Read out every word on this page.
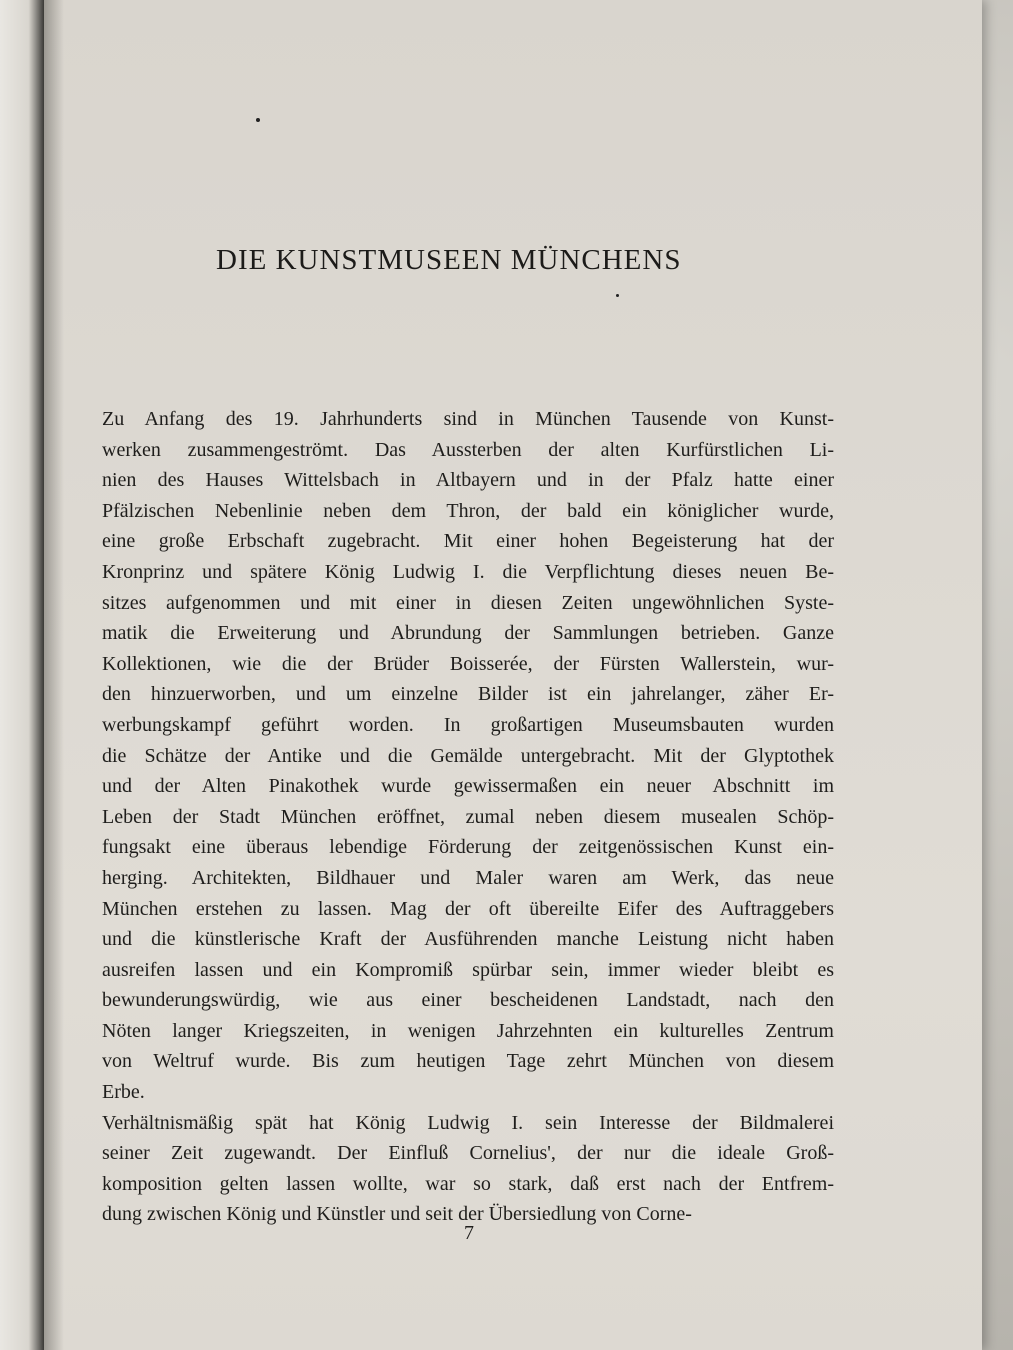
DIE KUNSTMUSEEN MÜNCHENS
Zu Anfang des 19. Jahrhunderts sind in München Tausende von Kunst-
werken zusammengeströmt. Das Aussterben der alten Kurfürstlichen Li-
nien des Hauses Wittelsbach in Altbayern und in der Pfalz hatte einer
Pfälzischen Nebenlinie neben dem Thron, der bald ein königlicher wurde,
eine große Erbschaft zugebracht. Mit einer hohen Begeisterung hat der
Kronprinz und spätere König Ludwig I. die Verpflichtung dieses neuen Be-
sitzes aufgenommen und mit einer in diesen Zeiten ungewöhnlichen Syste-
matik die Erweiterung und Abrundung der Sammlungen betrieben. Ganze
Kollektionen, wie die der Brüder Boisserée, der Fürsten Wallerstein, wur-
den hinzuerworben, und um einzelne Bilder ist ein jahrelanger, zäher Er-
werbungskampf geführt worden. In großartigen Museumsbauten wurden
die Schätze der Antike und die Gemälde untergebracht. Mit der Glyptothek
und der Alten Pinakothek wurde gewissermaßen ein neuer Abschnitt im
Leben der Stadt München eröffnet, zumal neben diesem musealen Schöp-
fungsakt eine überaus lebendige Förderung der zeitgenössischen Kunst ein-
herging. Architekten, Bildhauer und Maler waren am Werk, das neue
München erstehen zu lassen. Mag der oft übereilte Eifer des Auftraggebers
und die künstlerische Kraft der Ausführenden manche Leistung nicht haben
ausreifen lassen und ein Kompromiß spürbar sein, immer wieder bleibt es
bewunderungswürdig, wie aus einer bescheidenen Landstadt, nach den
Nöten langer Kriegszeiten, in wenigen Jahrzehnten ein kulturelles Zentrum
von Weltruf wurde. Bis zum heutigen Tage zehrt München von diesem
Erbe.
Verhältnismäßig spät hat König Ludwig I. sein Interesse der Bildmalerei
seiner Zeit zugewandt. Der Einfluß Cornelius', der nur die ideale Groß-
komposition gelten lassen wollte, war so stark, daß erst nach der Entfrem-
dung zwischen König und Künstler und seit der Übersiedlung von Corne-
7
